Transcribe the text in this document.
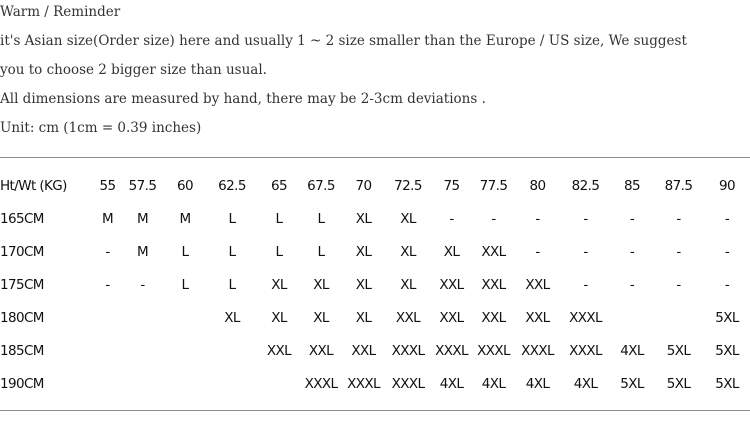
Warm / Reminder
it's Asian size(Order size) here and usually 1 ~ 2 size smaller than the Europe / US size, We suggest
you to choose 2 bigger size than usual.
All dimensions are measured by hand, there may be 2-3cm deviations .
Unit: cm (1cm = 0.39 inches)
Ht/Wt (KG)	55	57.5	60	62.5	65	67.5	70	72.5	75	77.5	80	82.5	85	87.5	90
165CM	M	M	M	L	L	L	XL	XL	-	-	-	-	-	-	-
170CM	-	M	L	L	L	L	XL	XL	XL	XXL	-	-	-	-	-
175CM	-	-	L	L	XL	XL	XL	XL	XXL	XXL	XXL	-	-	-	-
180CM				XL	XL	XL	XL	XXL	XXL	XXL	XXL	XXXL			5XL
185CM					XXL	XXL	XXL	XXXL	XXXL	XXXL	XXXL	XXXL	4XL	5XL	5XL
190CM						XXXL	XXXL	XXXL	4XL	4XL	4XL	4XL	5XL	5XL	5XL
